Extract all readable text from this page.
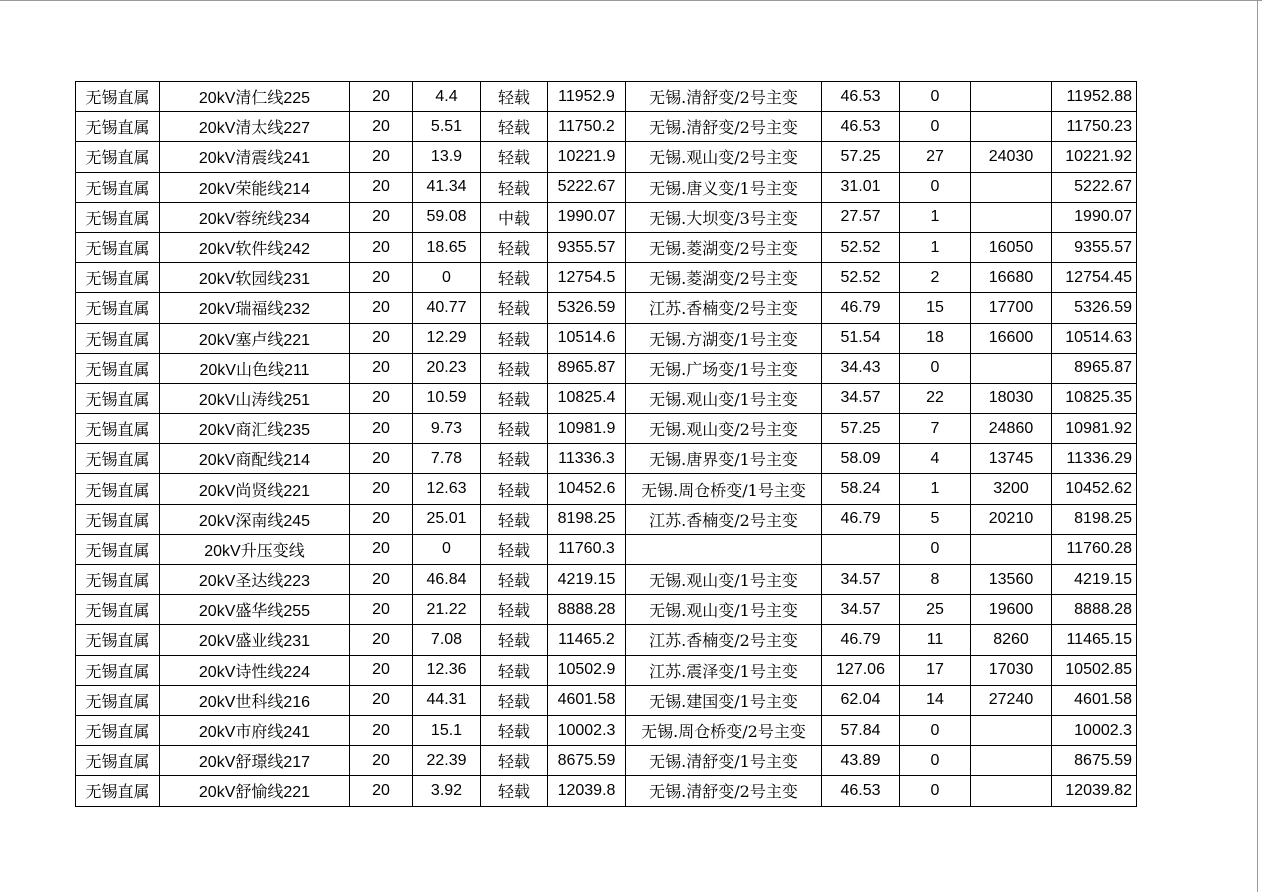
无锡直属	20kV清仁线225	20	4.4	轻载	11952.9	无锡.清舒变/2号主变	46.53	0		11952.88
无锡直属	20kV清太线227	20	5.51	轻载	11750.2	无锡.清舒变/2号主变	46.53	0		11750.23
无锡直属	20kV清震线241	20	13.9	轻载	10221.9	无锡.观山变/2号主变	57.25	27	24030	10221.92
无锡直属	20kV荣能线214	20	41.34	轻载	5222.67	无锡.唐义变/1号主变	31.01	0		5222.67
无锡直属	20kV蓉统线234	20	59.08	中载	1990.07	无锡.大坝变/3号主变	27.57	1		1990.07
无锡直属	20kV软件线242	20	18.65	轻载	9355.57	无锡.菱湖变/2号主变	52.52	1	16050	9355.57
无锡直属	20kV软园线231	20	0	轻载	12754.5	无锡.菱湖变/2号主变	52.52	2	16680	12754.45
无锡直属	20kV瑞福线232	20	40.77	轻载	5326.59	江苏.香楠变/2号主变	46.79	15	17700	5326.59
无锡直属	20kV塞卢线221	20	12.29	轻载	10514.6	无锡.方湖变/1号主变	51.54	18	16600	10514.63
无锡直属	20kV山色线211	20	20.23	轻载	8965.87	无锡.广场变/1号主变	34.43	0		8965.87
无锡直属	20kV山涛线251	20	10.59	轻载	10825.4	无锡.观山变/1号主变	34.57	22	18030	10825.35
无锡直属	20kV商汇线235	20	9.73	轻载	10981.9	无锡.观山变/2号主变	57.25	7	24860	10981.92
无锡直属	20kV商配线214	20	7.78	轻载	11336.3	无锡.唐界变/1号主变	58.09	4	13745	11336.29
无锡直属	20kV尚贤线221	20	12.63	轻载	10452.6	无锡.周仓桥变/1号主变	58.24	1	3200	10452.62
无锡直属	20kV深南线245	20	25.01	轻载	8198.25	江苏.香楠变/2号主变	46.79	5	20210	8198.25
无锡直属	20kV升压变线	20	0	轻载	11760.3			0		11760.28
无锡直属	20kV圣达线223	20	46.84	轻载	4219.15	无锡.观山变/1号主变	34.57	8	13560	4219.15
无锡直属	20kV盛华线255	20	21.22	轻载	8888.28	无锡.观山变/1号主变	34.57	25	19600	8888.28
无锡直属	20kV盛业线231	20	7.08	轻载	11465.2	江苏.香楠变/2号主变	46.79	11	8260	11465.15
无锡直属	20kV诗性线224	20	12.36	轻载	10502.9	江苏.震泽变/1号主变	127.06	17	17030	10502.85
无锡直属	20kV世科线216	20	44.31	轻载	4601.58	无锡.建国变/1号主变	62.04	14	27240	4601.58
无锡直属	20kV市府线241	20	15.1	轻载	10002.3	无锡.周仓桥变/2号主变	57.84	0		10002.3
无锡直属	20kV舒璟线217	20	22.39	轻载	8675.59	无锡.清舒变/1号主变	43.89	0		8675.59
无锡直属	20kV舒愉线221	20	3.92	轻载	12039.8	无锡.清舒变/2号主变	46.53	0		12039.82
